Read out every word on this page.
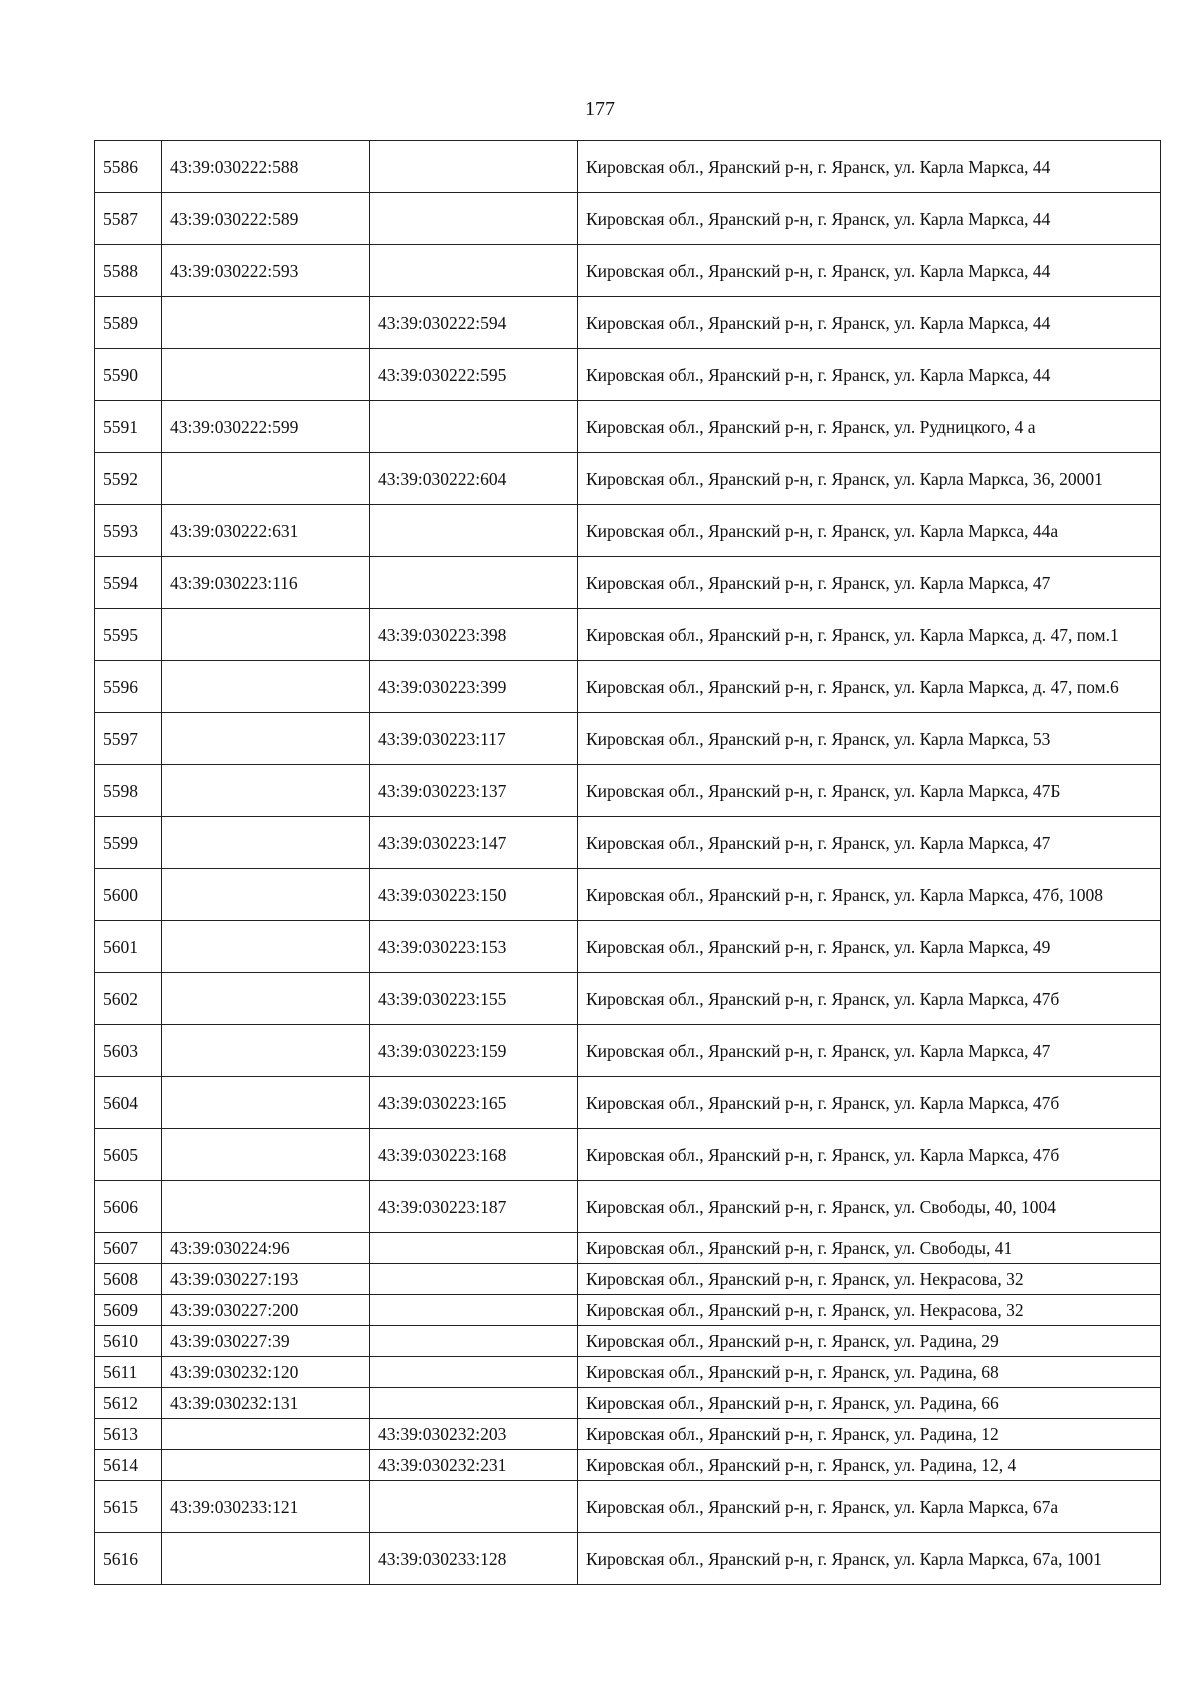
177
5586	43:39:030222:588		Кировская обл., Яранский р-н, г. Яранск, ул. Карла Маркса, 44
5587	43:39:030222:589		Кировская обл., Яранский р-н, г. Яранск, ул. Карла Маркса, 44
5588	43:39:030222:593		Кировская обл., Яранский р-н, г. Яранск, ул. Карла Маркса, 44
5589		43:39:030222:594	Кировская обл., Яранский р-н, г. Яранск, ул. Карла Маркса, 44
5590		43:39:030222:595	Кировская обл., Яранский р-н, г. Яранск, ул. Карла Маркса, 44
5591	43:39:030222:599		Кировская обл., Яранский р-н, г. Яранск, ул. Рудницкого, 4 а
5592		43:39:030222:604	Кировская обл., Яранский р-н, г. Яранск, ул. Карла Маркса, 36, 20001
5593	43:39:030222:631		Кировская обл., Яранский р-н, г. Яранск, ул. Карла Маркса, 44а
5594	43:39:030223:116		Кировская обл., Яранский р-н, г. Яранск, ул. Карла Маркса, 47
5595		43:39:030223:398	Кировская обл., Яранский р-н, г. Яранск, ул. Карла Маркса, д. 47, пом.1
5596		43:39:030223:399	Кировская обл., Яранский р-н, г. Яранск, ул. Карла Маркса, д. 47, пом.6
5597		43:39:030223:117	Кировская обл., Яранский р-н, г. Яранск, ул. Карла Маркса, 53
5598		43:39:030223:137	Кировская обл., Яранский р-н, г. Яранск, ул. Карла Маркса, 47Б
5599		43:39:030223:147	Кировская обл., Яранский р-н, г. Яранск, ул. Карла Маркса, 47
5600		43:39:030223:150	Кировская обл., Яранский р-н, г. Яранск, ул. Карла Маркса, 47б, 1008
5601		43:39:030223:153	Кировская обл., Яранский р-н, г. Яранск, ул. Карла Маркса, 49
5602		43:39:030223:155	Кировская обл., Яранский р-н, г. Яранск, ул. Карла Маркса, 47б
5603		43:39:030223:159	Кировская обл., Яранский р-н, г. Яранск, ул. Карла Маркса, 47
5604		43:39:030223:165	Кировская обл., Яранский р-н, г. Яранск, ул. Карла Маркса, 47б
5605		43:39:030223:168	Кировская обл., Яранский р-н, г. Яранск, ул. Карла Маркса, 47б
5606		43:39:030223:187	Кировская обл., Яранский р-н, г. Яранск, ул. Свободы, 40, 1004
5607	43:39:030224:96		Кировская обл., Яранский р-н, г. Яранск, ул. Свободы, 41
5608	43:39:030227:193		Кировская обл., Яранский р-н, г. Яранск, ул. Некрасова, 32
5609	43:39:030227:200		Кировская обл., Яранский р-н, г. Яранск, ул. Некрасова, 32
5610	43:39:030227:39		Кировская обл., Яранский р-н, г. Яранск, ул. Радина, 29
5611	43:39:030232:120		Кировская обл., Яранский р-н, г. Яранск, ул. Радина, 68
5612	43:39:030232:131		Кировская обл., Яранский р-н, г. Яранск, ул. Радина, 66
5613		43:39:030232:203	Кировская обл., Яранский р-н, г. Яранск, ул. Радина, 12
5614		43:39:030232:231	Кировская обл., Яранский р-н, г. Яранск, ул. Радина, 12, 4
5615	43:39:030233:121		Кировская обл., Яранский р-н, г. Яранск, ул. Карла Маркса, 67а
5616		43:39:030233:128	Кировская обл., Яранский р-н, г. Яранск, ул. Карла Маркса, 67а, 1001
